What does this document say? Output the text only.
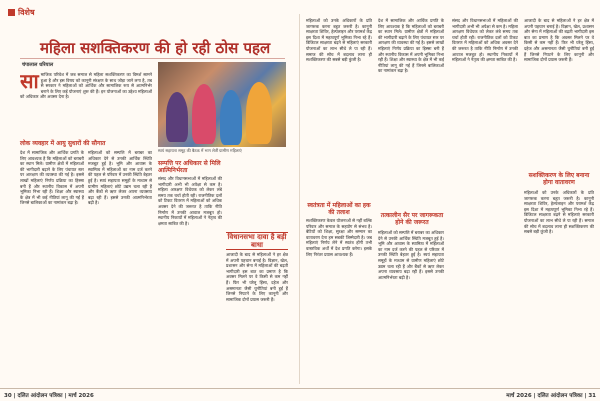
विशेष
महिला सशक्तिकरण की हो रही ठोस पहल
चंपालाल धरियाल
सा माजिक परिवेश में जब समाज से महिला सशक्तिकरण का विमर्श सामने हुआ है और इस विषय को कानूनी संरक्षण के साथ जोड़ा जाने लगा है, तब से सरकार ने महिलाओं को आर्थिक और सामाजिक रूप से आत्मनिर्भर बनाने के लिए कई योजनाएं शुरू की हैं। इन योजनाओं का उद्देश्य महिलाओं को अधिकार और अवसर देना है।
स्वयं सहायता समूह की बैठक में भाग लेतीं ग्रामीण महिलाएं
लोक व्यवहार में आयु सुधारों की सौगात
देश में सामाजिक और आर्थिक प्रगति के लिए आवश्यक है कि महिलाओं को बराबरी का स्थान मिले। ग्रामीण क्षेत्रों में महिलाओं की भागीदारी बढ़ाने के लिए पंचायत स्तर पर आरक्षण की व्यवस्था की गई है। इससे लाखों महिलाएं निर्णय प्रक्रिया का हिस्सा बनी हैं और स्थानीय विकास में अपनी भूमिका निभा रही हैं। शिक्षा और स्वास्थ्य के क्षेत्र में भी कई नीतियां लागू की गई हैं जिनसे बालिकाओं का नामांकन बढ़ा है।
महिलाओं को सम्पत्ति में बराबर का अधिकार देने से उनकी आर्थिक स्थिति मजबूत हुई है। भूमि और आवास के स्वामित्व में महिलाओं का नाम दर्ज करने की पहल से परिवार में उनकी स्थिति बेहतर हुई है। स्वयं सहायता समूहों के माध्यम से ग्रामीण महिलाएं छोटे उद्यम चला रही हैं और बैंकों से ऋण लेकर अपना व्यवसाय बढ़ा रही हैं। इससे उनकी आत्मनिर्भरता बढ़ी है।
सम्पत्ति पर अधिकार से मिलि आत्मिनिर्भरता
संसद और विधानसभाओं में महिलाओं की भागीदारी अभी भी अपेक्षा से कम है। महिला आरक्षण विधेयक को लेकर लंबे समय तक चर्चा होती रही। राजनीतिक दलों को टिकट वितरण में महिलाओं को अधिक अवसर देने की जरूरत है ताकि नीति निर्माण में उनकी आवाज मजबूत हो। स्थानीय निकायों में महिलाओं ने नेतृत्व की क्षमता साबित की है।
विधानसभा दावा है बड़ी बाधा
आजादी के बाद से महिलाओं ने हर क्षेत्र में अपनी पहचान बनाई है। विज्ञान, खेल, प्रशासन और सेना में महिलाओं की बढ़ती भागीदारी इस बात का प्रमाण है कि अवसर मिलने पर वे किसी से कम नहीं हैं। फिर भी घरेलू हिंसा, दहेज और असमानता जैसी चुनौतियां बनी हुई हैं जिनसे निपटने के लिए कानूनी और सामाजिक दोनों प्रयास जरूरी हैं।
महिलाओं को उनके अधिकारों के प्रति जागरूक करना बहुत जरूरी है। कानूनी साक्षरता शिविर, हेल्पलाइन और परामर्श केंद्र इस दिशा में महत्वपूर्ण भूमिका निभा रहे हैं। डिजिटल साक्षरता बढ़ने से महिलाएं सरकारी योजनाओं का लाभ सीधे ले पा रही हैं। समाज की सोच में बदलाव लाना ही सशक्तिकरण की सबसे बड़ी कुंजी है।
स्वतंत्रता में महिलाओं का हक की तलाश
सशक्तिकरण केवल योजनाओं से नहीं बल्कि परिवार और समाज के सहयोग से संभव है। बेटियों को शिक्षा, सुरक्षा और सम्मान का वातावरण देना हम सबकी जिम्मेदारी है। जब महिलाएं निर्णय लेने में स्वतंत्र होंगी तभी वास्तविक अर्थों में देश प्रगति करेगा। इसके लिए निरंतर प्रयास आवश्यक हैं।
देश में सामाजिक और आर्थिक प्रगति के लिए आवश्यक है कि महिलाओं को बराबरी का स्थान मिले। ग्रामीण क्षेत्रों में महिलाओं की भागीदारी बढ़ाने के लिए पंचायत स्तर पर आरक्षण की व्यवस्था की गई है। इससे लाखों महिलाएं निर्णय प्रक्रिया का हिस्सा बनी हैं और स्थानीय विकास में अपनी भूमिका निभा रही हैं। शिक्षा और स्वास्थ्य के क्षेत्र में भी कई नीतियां लागू की गई हैं जिनसे बालिकाओं का नामांकन बढ़ा है।
तत्कालीन सैर पर जागरूकता होने की जरूरत
महिलाओं को सम्पत्ति में बराबर का अधिकार देने से उनकी आर्थिक स्थिति मजबूत हुई है। भूमि और आवास के स्वामित्व में महिलाओं का नाम दर्ज करने की पहल से परिवार में उनकी स्थिति बेहतर हुई है। स्वयं सहायता समूहों के माध्यम से ग्रामीण महिलाएं छोटे उद्यम चला रही हैं और बैंकों से ऋण लेकर अपना व्यवसाय बढ़ा रही हैं। इससे उनकी आत्मनिर्भरता बढ़ी है।
संसद और विधानसभाओं में महिलाओं की भागीदारी अभी भी अपेक्षा से कम है। महिला आरक्षण विधेयक को लेकर लंबे समय तक चर्चा होती रही। राजनीतिक दलों को टिकट वितरण में महिलाओं को अधिक अवसर देने की जरूरत है ताकि नीति निर्माण में उनकी आवाज मजबूत हो। स्थानीय निकायों में महिलाओं ने नेतृत्व की क्षमता साबित की है।
आजादी के बाद से महिलाओं ने हर क्षेत्र में अपनी पहचान बनाई है। विज्ञान, खेल, प्रशासन और सेना में महिलाओं की बढ़ती भागीदारी इस बात का प्रमाण है कि अवसर मिलने पर वे किसी से कम नहीं हैं। फिर भी घरेलू हिंसा, दहेज और असमानता जैसी चुनौतियां बनी हुई हैं जिनसे निपटने के लिए कानूनी और सामाजिक दोनों प्रयास जरूरी हैं।
सशक्तिकरण के लिए बनाना होगा वातावरण
महिलाओं को उनके अधिकारों के प्रति जागरूक करना बहुत जरूरी है। कानूनी साक्षरता शिविर, हेल्पलाइन और परामर्श केंद्र इस दिशा में महत्वपूर्ण भूमिका निभा रहे हैं। डिजिटल साक्षरता बढ़ने से महिलाएं सरकारी योजनाओं का लाभ सीधे ले पा रही हैं। समाज की सोच में बदलाव लाना ही सशक्तिकरण की सबसे बड़ी कुंजी है।
30 | दलित आंदोलन पत्रिका | मार्च 2026	मार्च 2026 | दलित आंदोलन पत्रिका | 31
